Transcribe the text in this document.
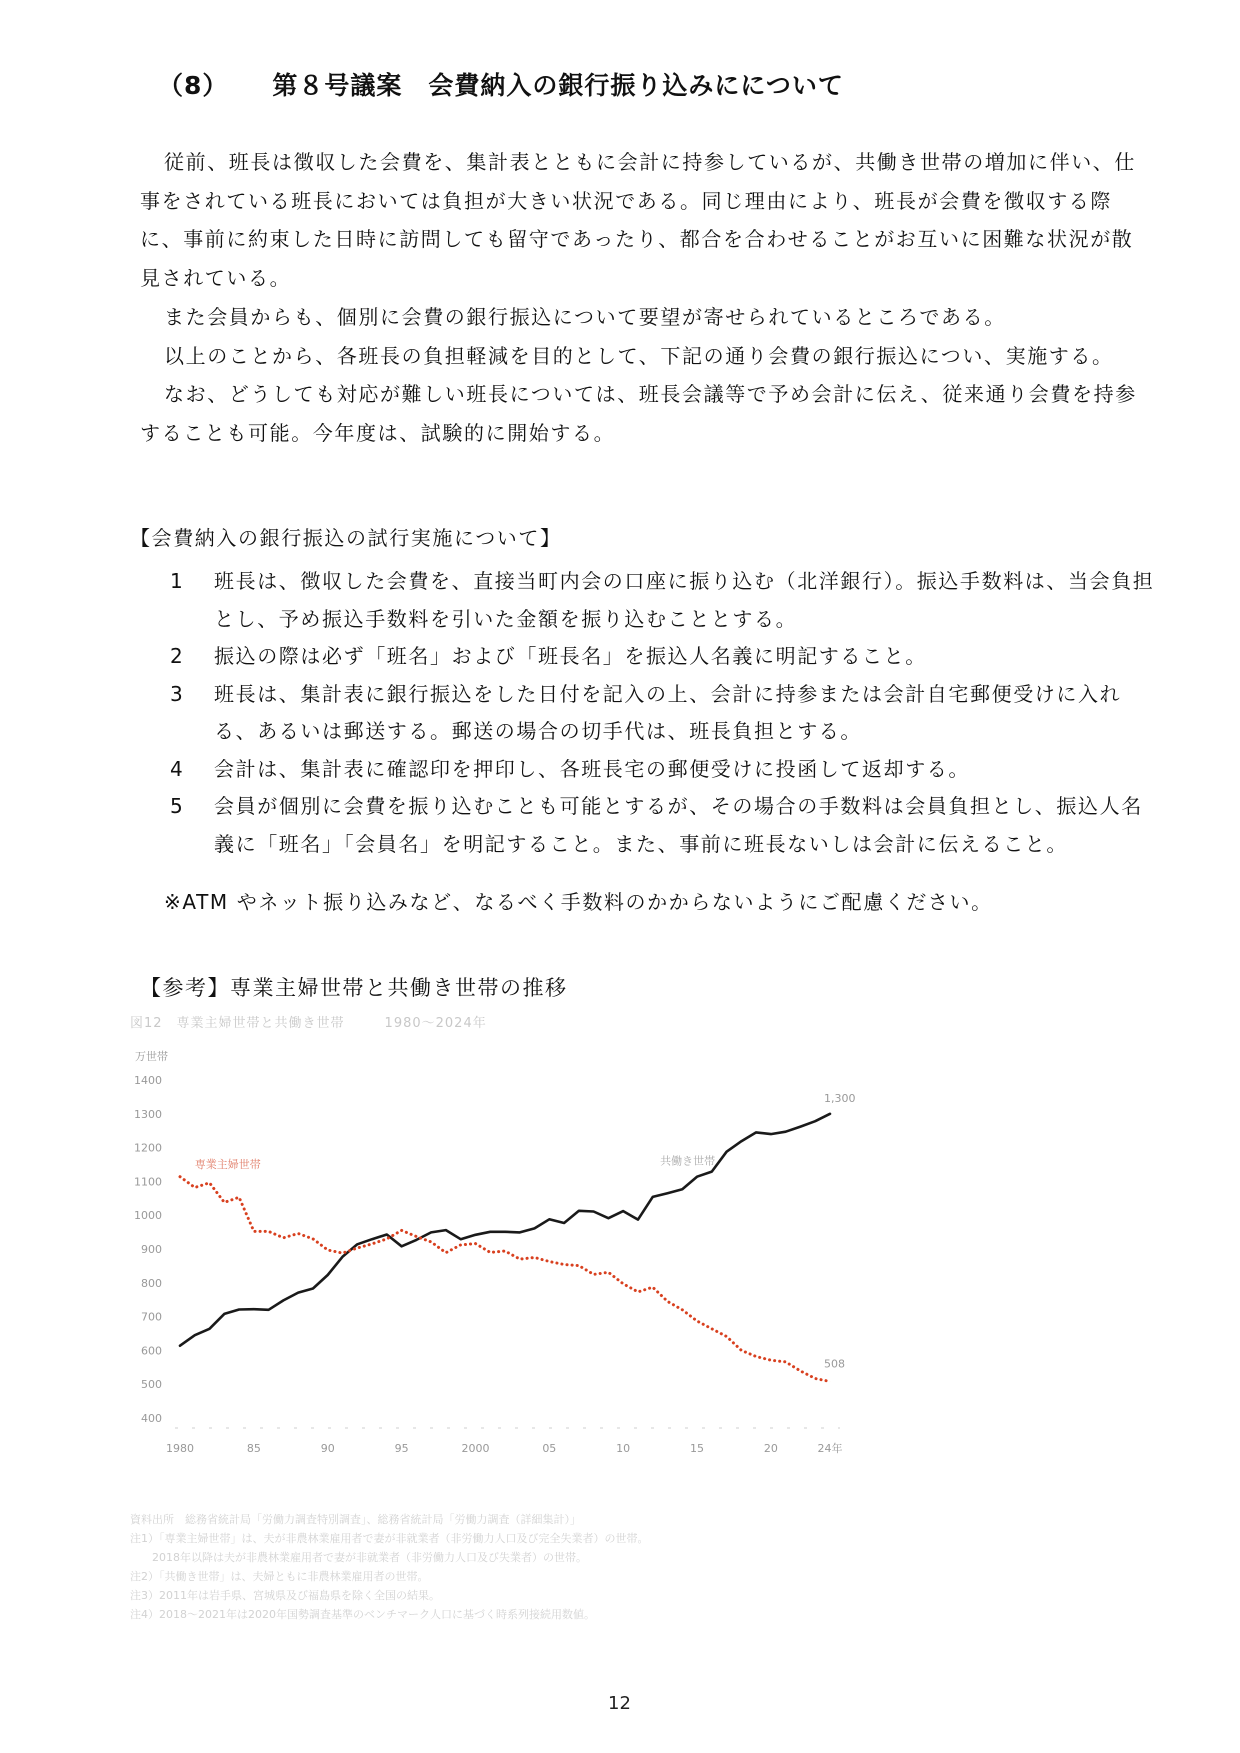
（8） 第８号議案　会費納入の銀行振り込みにについて

従前、班長は徴収した会費を、集計表とともに会計に持参しているが、共働き世帯の増加に伴い、仕事をされている班長においては負担が大きい状況である。同じ理由により、班長が会費を徴収する際に、事前に約束した日時に訪問しても留守であったり、都合を合わせることがお互いに困難な状況が散見されている。

また会員からも、個別に会費の銀行振込について要望が寄せられているところである。

以上のことから、各班長の負担軽減を目的として、下記の通り会費の銀行振込につい、実施する。

なお、どうしても対応が難しい班長については、班長会議等で予め会計に伝え、従来通り会費を持参することも可能。今年度は、試験的に開始する。

【会費納入の銀行振込の試行実施について】

1	班長は、徴収した会費を、直接当町内会の口座に振り込む（北洋銀行）。振込手数料は、当会負担とし、予め振込手数料を引いた金額を振り込むこととする。
2	振込の際は必ず「班名」および「班長名」を振込人名義に明記すること。
3	班長は、集計表に銀行振込をした日付を記入の上、会計に持参または会計自宅郵便受けに入れる、あるいは郵送する。郵送の場合の切手代は、班長負担とする。
4	会計は、集計表に確認印を押印し、各班長宅の郵便受けに投函して返却する。
5	会員が個別に会費を振り込むことも可能とするが、その場合の手数料は会員負担とし、振込人名義に「班名」「会員名」を明記すること。また、事前に班長ないしは会計に伝えること。

※ATM やネット振り込みなど、なるべく手数料のかからないようにご配慮ください。

【参考】専業主婦世帯と共働き世帯の推移
図12　専業主婦世帯と共働き世帯	1980～2024年
万世帯
400
500
600
700
800
900
1000
1100
1200
1300
1400
1980	85	90	95	2000	05	10	15	20	24年
1,300
508
共働き世帯
専業主婦世帯
資料出所　総務省統計局「労働力調査特別調査」、総務省統計局「労働力調査（詳細集計）」
注1）「専業主婦世帯」は、夫が非農林業雇用者で妻が非就業者（非労働力人口及び完全失業者）の世帯。
　　2018年以降は夫が非農林業雇用者で妻が非就業者（非労働力人口及び失業者）の世帯。
注2）「共働き世帯」は、夫婦ともに非農林業雇用者の世帯。
注3）2011年は岩手県、宮城県及び福島県を除く全国の結果。
注4）2018～2021年は2020年国勢調査基準のベンチマーク人口に基づく時系列接続用数値。
12
